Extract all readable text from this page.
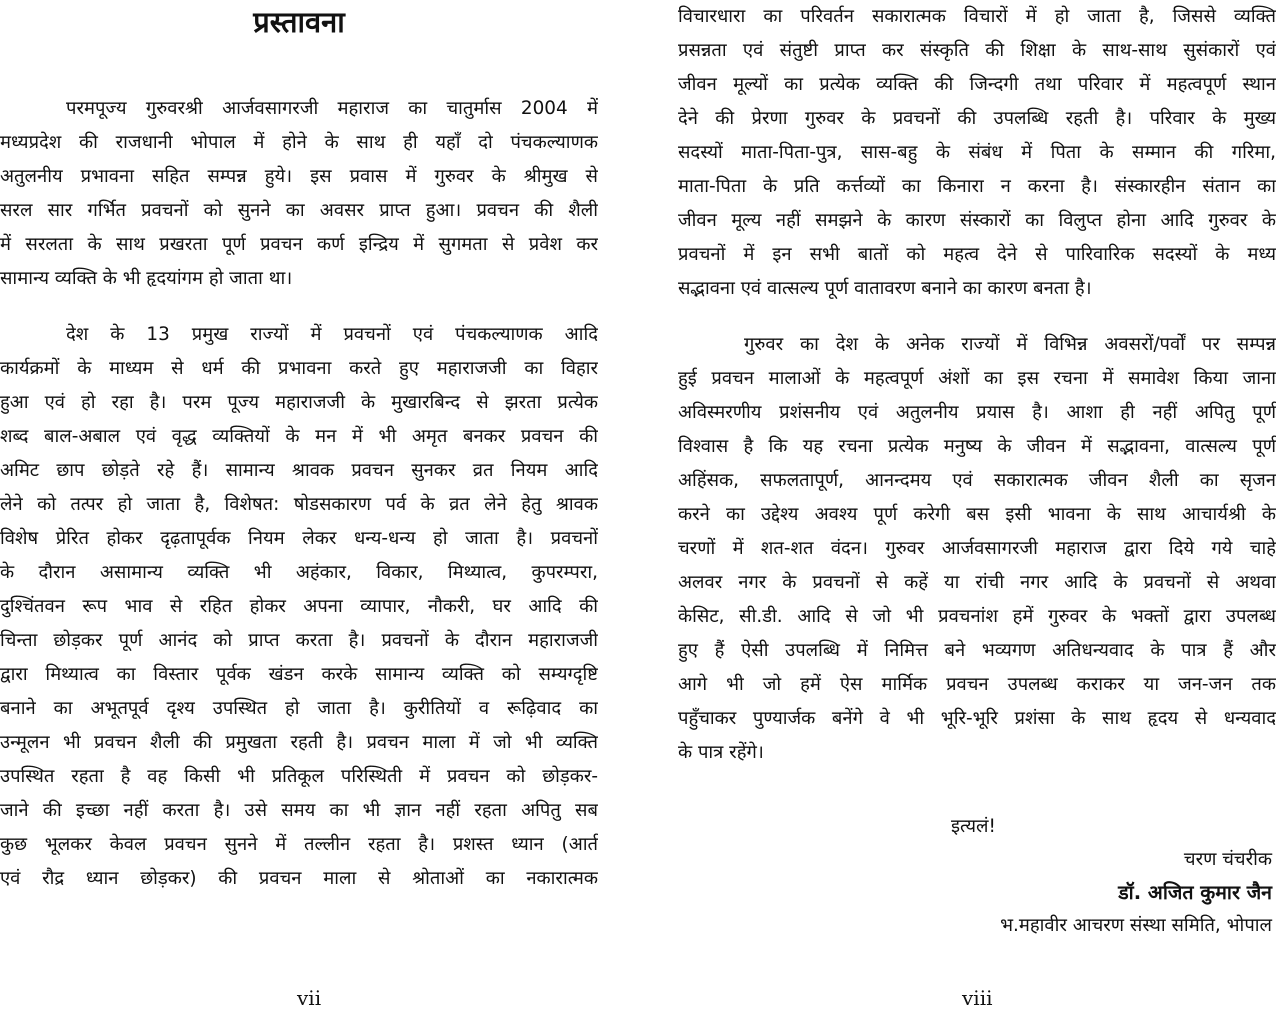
प्रस्तावना

परमपूज्य गुरुवरश्री आर्जवसागरजी महाराज का चातुर्मास 2004 में

मध्यप्रदेश की राजधानी भोपाल में होने के साथ ही यहाँ दो पंचकल्याणक

अतुलनीय प्रभावना सहित सम्पन्न हुये। इस प्रवास में गुरुवर के श्रीमुख से

सरल सार गर्भित प्रवचनों को सुनने का अवसर प्राप्त हुआ। प्रवचन की शैली

में सरलता के साथ प्रखरता पूर्ण प्रवचन कर्ण इन्द्रिय में सुगमता से प्रवेश कर

सामान्य व्यक्ति के भी हृदयांगम हो जाता था।

देश के 13 प्रमुख राज्यों में प्रवचनों एवं पंचकल्याणक आदि

कार्यक्रमों के माध्यम से धर्म की प्रभावना करते हुए महाराजजी का विहार

हुआ एवं हो रहा है। परम पूज्य महाराजजी के मुखारबिन्द से झरता प्रत्येक

शब्द बाल-अबाल एवं वृद्ध व्यक्तियों के मन में भी अमृत बनकर प्रवचन की

अमिट छाप छोड़ते रहे हैं। सामान्य श्रावक प्रवचन सुनकर व्रत नियम आदि

लेने को तत्पर हो जाता है, विशेषत: षोडसकारण पर्व के व्रत लेने हेतु श्रावक

विशेष प्रेरित होकर दृढ़तापूर्वक नियम लेकर धन्य-धन्य हो जाता है। प्रवचनों

के दौरान असामान्य व्यक्ति भी अहंकार, विकार, मिथ्यात्व, कुपरम्परा,

दुश्चिंतवन रूप भाव से रहित होकर अपना व्यापार, नौकरी, घर आदि की

चिन्ता छोड़कर पूर्ण आनंद को प्राप्त करता है। प्रवचनों के दौरान महाराजजी

द्वारा मिथ्यात्व का विस्तार पूर्वक खंडन करके सामान्य व्यक्ति को सम्यग्दृष्टि

बनाने का अभूतपूर्व दृश्य उपस्थित हो जाता है। कुरीतियों व रूढ़िवाद का

उन्मूलन भी प्रवचन शैली की प्रमुखता रहती है। प्रवचन माला में जो भी व्यक्ति

उपस्थित रहता है वह किसी भी प्रतिकूल परिस्थिती में प्रवचन को छोड़कर-

जाने की इच्छा नहीं करता है। उसे समय का भी ज्ञान नहीं रहता अपितु सब

कुछ भूलकर केवल प्रवचन सुनने में तल्लीन रहता है। प्रशस्त ध्यान (आर्त

एवं रौद्र ध्यान छोड़कर) की प्रवचन माला से श्रोताओं का नकारात्मक

vii

विचारधारा का परिवर्तन सकारात्मक विचारों में हो जाता है, जिससे व्यक्ति

प्रसन्नता एवं संतुष्टी प्राप्त कर संस्कृति की शिक्षा के साथ-साथ सुसंकारों एवं

जीवन मूल्यों का प्रत्येक व्यक्ति की जिन्दगी तथा परिवार में महत्वपूर्ण स्थान

देने की प्रेरणा गुरुवर के प्रवचनों की उपलब्धि रहती है। परिवार के मुख्य

सदस्यों माता-पिता-पुत्र, सास-बहु के संबंध में पिता के सम्मान की गरिमा,

माता-पिता के प्रति कर्त्तव्यों का किनारा न करना है। संस्कारहीन संतान का

जीवन मूल्य नहीं समझने के कारण संस्कारों का विलुप्त होना आदि गुरुवर के

प्रवचनों में इन सभी बातों को महत्व देने से पारिवारिक सदस्यों के मध्य

सद्भावना एवं वात्सल्य पूर्ण वातावरण बनाने का कारण बनता है।

गुरुवर का देश के अनेक राज्यों में विभिन्न अवसरों/पर्वों पर सम्पन्न

हुई प्रवचन मालाओं के महत्वपूर्ण अंशों का इस रचना में समावेश किया जाना

अविस्मरणीय प्रशंसनीय एवं अतुलनीय प्रयास है। आशा ही नहीं अपितु पूर्ण

विश्वास है कि यह रचना प्रत्येक मनुष्य के जीवन में सद्भावना, वात्सल्य पूर्ण

अहिंसक, सफलतापूर्ण, आनन्दमय एवं सकारात्मक जीवन शैली का सृजन

करने का उद्देश्य अवश्य पूर्ण करेगी बस इसी भावना के साथ आचार्यश्री के

चरणों में शत-शत वंदन। गुरुवर आर्जवसागरजी महाराज द्वारा दिये गये चाहे

अलवर नगर के प्रवचनों से कहें या रांची नगर आदि के प्रवचनों से अथवा

केसिट, सी.डी. आदि से जो भी प्रवचनांश हमें गुरुवर के भक्तों द्वारा उपलब्ध

हुए हैं ऐसी उपलब्धि में निमित्त बने भव्यगण अतिधन्यवाद के पात्र हैं और

आगे भी जो हमें ऐस मार्मिक प्रवचन उपलब्ध कराकर या जन-जन तक

पहुँचाकर पुण्यार्जक बनेंगे वे भी भूरि-भूरि प्रशंसा के साथ हृदय से धन्यवाद

के पात्र रहेंगे।

इत्यलं!

चरण चंचरीक

डॉ. अजित कुमार जैन

भ.महावीर आचरण संस्था समिति, भोपाल

viii
